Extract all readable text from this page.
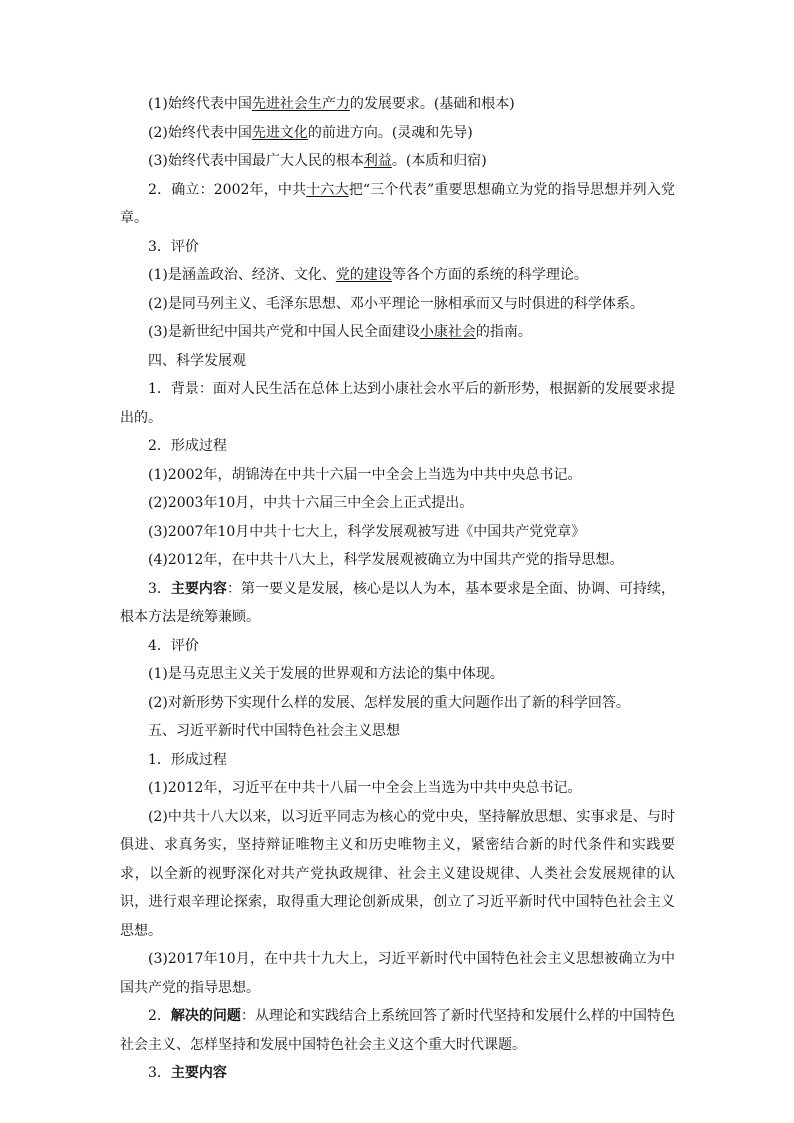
(1)始终代表中国先进社会生产力的发展要求。(基础和根本)
(2)始终代表中国先进文化的前进方向。(灵魂和先导)
(3)始终代表中国最广大人民的根本利益。(本质和归宿)
2．确立：2002年，中共十六大把“三个代表”重要思想确立为党的指导思想并列入党章。
3．评价
(1)是涵盖政治、经济、文化、党的建设等各个方面的系统的科学理论。
(2)是同马列主义、毛泽东思想、邓小平理论一脉相承而又与时俱进的科学体系。
(3)是新世纪中国共产党和中国人民全面建设小康社会的指南。
四、科学发展观
1．背景：面对人民生活在总体上达到小康社会水平后的新形势，根据新的发展要求提出的。
2．形成过程
(1)2002年，胡锦涛在中共十六届一中全会上当选为中共中央总书记。
(2)2003年10月，中共十六届三中全会上正式提出。
(3)2007年10月中共十七大上，科学发展观被写进《中国共产党党章》
(4)2012年，在中共十八大上，科学发展观被确立为中国共产党的指导思想。
3．主要内容：第一要义是发展，核心是以人为本，基本要求是全面、协调、可持续，根本方法是统筹兼顾。
4．评价
(1)是马克思主义关于发展的世界观和方法论的集中体现。
(2)对新形势下实现什么样的发展、怎样发展的重大问题作出了新的科学回答。
五、习近平新时代中国特色社会主义思想
1．形成过程
(1)2012年，习近平在中共十八届一中全会上当选为中共中央总书记。
(2)中共十八大以来，以习近平同志为核心的党中央，坚持解放思想、实事求是、与时俱进、求真务实，坚持辩证唯物主义和历史唯物主义，紧密结合新的时代条件和实践要求，以全新的视野深化对共产党执政规律、社会主义建设规律、人类社会发展规律的认识，进行艰辛理论探索，取得重大理论创新成果，创立了习近平新时代中国特色社会主义思想。
(3)2017年10月，在中共十九大上，习近平新时代中国特色社会主义思想被确立为中国共产党的指导思想。
2．解决的问题：从理论和实践结合上系统回答了新时代坚持和发展什么样的中国特色社会主义、怎样坚持和发展中国特色社会主义这个重大时代课题。
3．主要内容
